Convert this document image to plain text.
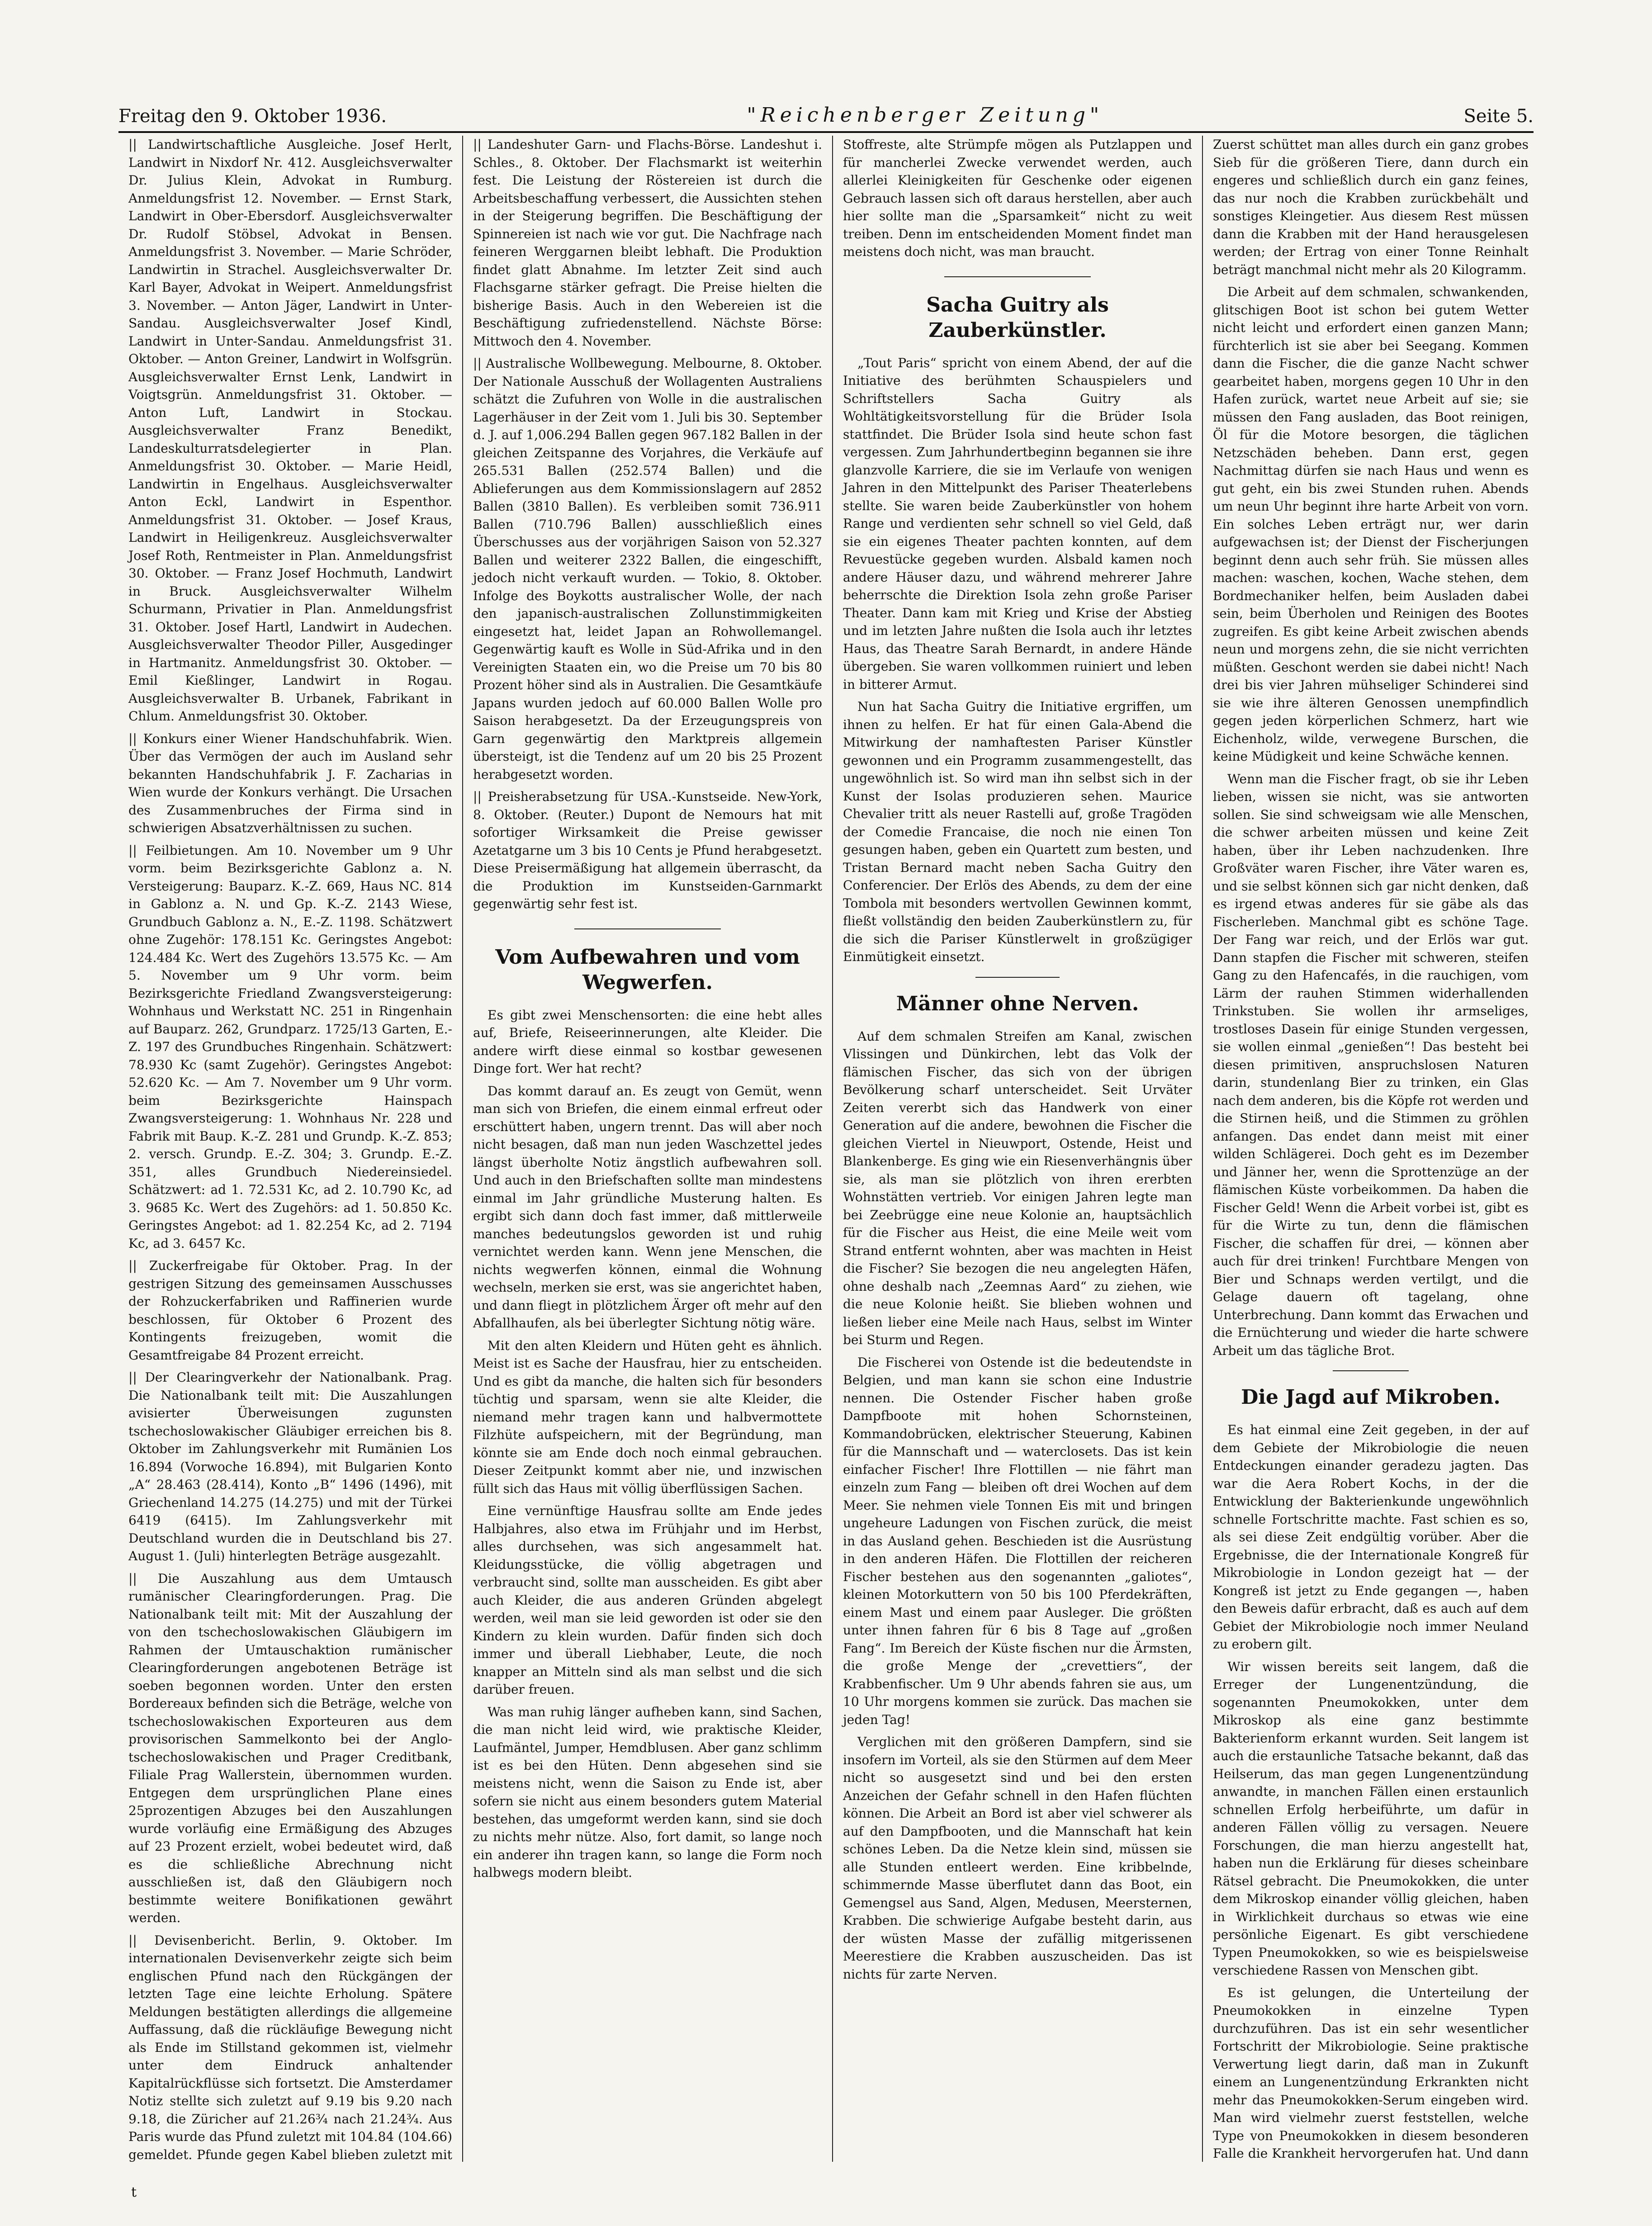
Freitag den 9. Oktober 1936.	"Reichenberger Zeitung"	Seite 5.

|| Landwirtschaftliche Ausgleiche. Josef Herlt, Landwirt in Nixdorf Nr. 412. Ausgleichsverwalter Dr. Julius Klein, Advokat in Rumburg. Anmeldungsfrist 12. November. — Ernst Stark, Landwirt in Ober-Ebersdorf. Ausgleichsverwalter Dr. Rudolf Stöbsel, Advokat in Bensen. Anmeldungsfrist 3. November. — Marie Schröder, Landwirtin in Strachel. Ausgleichsverwalter Dr. Karl Bayer, Advokat in Weipert. Anmeldungsfrist 3. November. — Anton Jäger, Landwirt in Unter-Sandau. Ausgleichsverwalter Josef Kindl, Landwirt in Unter-Sandau. Anmeldungsfrist 31. Oktober. — Anton Greiner, Landwirt in Wolfsgrün. Ausgleichsverwalter Ernst Lenk, Landwirt in Voigtsgrün. Anmeldungsfrist 31. Oktober. — Anton Luft, Landwirt in Stockau. Ausgleichsverwalter Franz Benedikt, Landeskulturratsdelegierter in Plan. Anmeldungsfrist 30. Oktober. — Marie Heidl, Landwirtin in Engelhaus. Ausgleichsverwalter Anton Eckl, Landwirt in Espenthor. Anmeldungsfrist 31. Oktober. — Josef Kraus, Landwirt in Heiligenkreuz. Ausgleichsverwalter Josef Roth, Rentmeister in Plan. Anmeldungsfrist 30. Oktober. — Franz Josef Hochmuth, Landwirt in Bruck. Ausgleichsverwalter Wilhelm Schurmann, Privatier in Plan. Anmeldungsfrist 31. Oktober. Josef Hartl, Landwirt in Audechen. Ausgleichsverwalter Theodor Piller, Ausgedinger in Hartmanitz. Anmeldungsfrist 30. Oktober. — Emil Kießlinger, Landwirt in Rogau. Ausgleichsverwalter B. Urbanek, Fabrikant in Chlum. Anmeldungsfrist 30. Oktober.

|| Konkurs einer Wiener Handschuhfabrik. Wien. Über das Vermögen der auch im Ausland sehr bekannten Handschuhfabrik J. F. Zacharias in Wien wurde der Konkurs verhängt. Die Ursachen des Zusammenbruches der Firma sind in schwierigen Absatzverhältnissen zu suchen.

|| Feilbietungen. Am 10. November um 9 Uhr vorm. beim Bezirksgerichte Gablonz a. N. Versteigerung: Bauparz. K.-Z. 669, Haus NC. 814 in Gablonz a. N. und Gp. K.-Z. 2143 Wiese, Grundbuch Gablonz a. N., E.-Z. 1198. Schätzwert ohne Zugehör: 178.151 Kc. Geringstes Angebot: 124.484 Kc. Wert des Zugehörs 13.575 Kc. — Am 5. November um 9 Uhr vorm. beim Bezirksgerichte Friedland Zwangsversteigerung: Wohnhaus und Werkstatt NC. 251 in Ringenhain auf Bauparz. 262, Grundparz. 1725/13 Garten, E.-Z. 197 des Grundbuches Ringenhain. Schätzwert: 78.930 Kc (samt Zugehör). Geringstes Angebot: 52.620 Kc. — Am 7. November um 9 Uhr vorm. beim Bezirksgerichte Hainspach Zwangsversteigerung: 1. Wohnhaus Nr. 228 und Fabrik mit Baup. K.-Z. 281 und Grundp. K.-Z. 853; 2. versch. Grundp. E.-Z. 304; 3. Grundp. E.-Z. 351, alles Grundbuch Niedereinsiedel. Schätzwert: ad 1. 72.531 Kc, ad 2. 10.790 Kc, ad 3. 9685 Kc. Wert des Zugehörs: ad 1. 50.850 Kc. Geringstes Angebot: ad 1. 82.254 Kc, ad 2. 7194 Kc, ad 3. 6457 Kc.

|| Zuckerfreigabe für Oktober. Prag. In der gestrigen Sitzung des gemeinsamen Ausschusses der Rohzuckerfabriken und Raffinerien wurde beschlossen, für Oktober 6 Prozent des Kontingents freizugeben, womit die Gesamtfreigabe 84 Prozent erreicht.

|| Der Clearingverkehr der Nationalbank. Prag. Die Nationalbank teilt mit: Die Auszahlungen avisierter Überweisungen zugunsten tschechoslowakischer Gläubiger erreichen bis 8. Oktober im Zahlungsverkehr mit Rumänien Los 16.894 (Vorwoche 16.894), mit Bulgarien Konto „A“ 28.463 (28.414), Konto „B“ 1496 (1496), mit Griechenland 14.275 (14.275) und mit der Türkei 6419 (6415). Im Zahlungsverkehr mit Deutschland wurden die in Deutschland bis 27. August 1. (Juli) hinterlegten Beträge ausgezahlt.

|| Die Auszahlung aus dem Umtausch rumänischer Clearingforderungen. Prag. Die Nationalbank teilt mit: Mit der Auszahlung der von den tschechoslowakischen Gläubigern im Rahmen der Umtauschaktion rumänischer Clearingforderungen angebotenen Beträge ist soeben begonnen worden. Unter den ersten Bordereaux befinden sich die Beträge, welche von tschechoslowakischen Exporteuren aus dem provisorischen Sammelkonto bei der Anglo-tschechoslowakischen und Prager Creditbank, Filiale Prag Wallerstein, übernommen wurden. Entgegen dem ursprünglichen Plane eines 25prozentigen Abzuges bei den Auszahlungen wurde vorläufig eine Ermäßigung des Abzuges auf 23 Prozent erzielt, wobei bedeutet wird, daß es die schließliche Abrechnung nicht ausschließen ist, daß den Gläubigern noch bestimmte weitere Bonifikationen gewährt werden.

|| Devisenbericht. Berlin, 9. Oktober. Im internationalen Devisenverkehr zeigte sich beim englischen Pfund nach den Rückgängen der letzten Tage eine leichte Erholung. Spätere Meldungen bestätigten allerdings die allgemeine Auffassung, daß die rückläufige Bewegung nicht als Ende im Stillstand gekommen ist, vielmehr unter dem Eindruck anhaltender Kapitalrückflüsse sich fortsetzt. Die Amsterdamer Notiz stellte sich zuletzt auf 9.19 bis 9.20 nach 9.18, die Züricher auf 21.26¾ nach 21.24¾. Aus Paris wurde das Pfund zuletzt mit 104.84 (104.66) gemeldet. Pfunde gegen Kabel blieben zuletzt mit

|| Landeshuter Garn- und Flachs-Börse. Landeshut i. Schles., 8. Oktober. Der Flachsmarkt ist weiterhin fest. Die Leistung der Röstereien ist durch die Arbeitsbeschaffung verbessert, die Aussichten stehen in der Steigerung begriffen. Die Beschäftigung der Spinnereien ist nach wie vor gut. Die Nachfrage nach feineren Werggarnen bleibt lebhaft. Die Produktion findet glatt Abnahme. Im letzter Zeit sind auch Flachsgarne stärker gefragt. Die Preise hielten die bisherige Basis. Auch in den Webereien ist die Beschäftigung zufriedenstellend. Nächste Börse: Mittwoch den 4. November.

|| Australische Wollbewegung. Melbourne, 8. Oktober. Der Nationale Ausschuß der Wollagenten Australiens schätzt die Zufuhren von Wolle in die australischen Lagerhäuser in der Zeit vom 1. Juli bis 30. September d. J. auf 1,006.294 Ballen gegen 967.182 Ballen in der gleichen Zeitspanne des Vorjahres, die Verkäufe auf 265.531 Ballen (252.574 Ballen) und die Ablieferungen aus dem Kommissionslagern auf 2852 Ballen (3810 Ballen). Es verbleiben somit 736.911 Ballen (710.796 Ballen) ausschließlich eines Überschusses aus der vorjährigen Saison von 52.327 Ballen und weiterer 2322 Ballen, die eingeschifft, jedoch nicht verkauft wurden. — Tokio, 8. Oktober. Infolge des Boykotts australischer Wolle, der nach den japanisch-australischen Zollunstimmigkeiten eingesetzt hat, leidet Japan an Rohwollemangel. Gegenwärtig kauft es Wolle in Süd-Afrika und in den Vereinigten Staaten ein, wo die Preise um 70 bis 80 Prozent höher sind als in Australien. Die Gesamtkäufe Japans wurden jedoch auf 60.000 Ballen Wolle pro Saison herabgesetzt. Da der Erzeugungspreis von Garn gegenwärtig den Marktpreis allgemein übersteigt, ist die Tendenz auf um 20 bis 25 Prozent herabgesetzt worden.

|| Preisherabsetzung für USA.-Kunstseide. New-York, 8. Oktober. (Reuter.) Dupont de Nemours hat mit sofortiger Wirksamkeit die Preise gewisser Azetatgarne um 3 bis 10 Cents je Pfund herabgesetzt. Diese Preisermäßigung hat allgemein überrascht, da die Produktion im Kunstseiden-Garnmarkt gegenwärtig sehr fest ist.

Vom Aufbewahren und vom Wegwerfen.

Es gibt zwei Menschensorten: die eine hebt alles auf, Briefe, Reiseerinnerungen, alte Kleider. Die andere wirft diese einmal so kostbar gewesenen Dinge fort. Wer hat recht?

Das kommt darauf an. Es zeugt von Gemüt, wenn man sich von Briefen, die einem einmal erfreut oder erschüttert haben, ungern trennt. Das will aber noch nicht besagen, daß man nun jeden Waschzettel jedes längst überholte Notiz ängstlich aufbewahren soll. Und auch in den Briefschaften sollte man mindestens einmal im Jahr gründliche Musterung halten. Es ergibt sich dann doch fast immer, daß mittlerweile manches bedeutungslos geworden ist und ruhig vernichtet werden kann. Wenn jene Menschen, die nichts wegwerfen können, einmal die Wohnung wechseln, merken sie erst, was sie angerichtet haben, und dann fliegt in plötzlichem Ärger oft mehr auf den Abfallhaufen, als bei überlegter Sichtung nötig wäre.

Mit den alten Kleidern und Hüten geht es ähnlich. Meist ist es Sache der Hausfrau, hier zu entscheiden. Und es gibt da manche, die halten sich für besonders tüchtig und sparsam, wenn sie alte Kleider, die niemand mehr tragen kann und halbvermottete Filzhüte aufspeichern, mit der Begründung, man könnte sie am Ende doch noch einmal gebrauchen. Dieser Zeitpunkt kommt aber nie, und inzwischen füllt sich das Haus mit völlig überflüssigen Sachen.

Eine vernünftige Hausfrau sollte am Ende jedes Halbjahres, also etwa im Frühjahr und im Herbst, alles durchsehen, was sich angesammelt hat. Kleidungsstücke, die völlig abgetragen und verbraucht sind, sollte man ausscheiden. Es gibt aber auch Kleider, die aus anderen Gründen abgelegt werden, weil man sie leid geworden ist oder sie den Kindern zu klein wurden. Dafür finden sich doch immer und überall Liebhaber, Leute, die noch knapper an Mitteln sind als man selbst und die sich darüber freuen.

Was man ruhig länger aufheben kann, sind Sachen, die man nicht leid wird, wie praktische Kleider, Laufmäntel, Jumper, Hemdblusen. Aber ganz schlimm ist es bei den Hüten. Denn abgesehen sind sie meistens nicht, wenn die Saison zu Ende ist, aber sofern sie nicht aus einem besonders gutem Material bestehen, das umgeformt werden kann, sind sie doch zu nichts mehr nütze. Also, fort damit, so lange noch ein anderer ihn tragen kann, so lange die Form noch halbwegs modern bleibt.

Stoffreste, alte Strümpfe mögen als Putzlappen und für mancherlei Zwecke verwendet werden, auch allerlei Kleinigkeiten für Geschenke oder eigenen Gebrauch lassen sich oft daraus herstellen, aber auch hier sollte man die „Sparsamkeit“ nicht zu weit treiben. Denn im entscheidenden Moment findet man meistens doch nicht, was man braucht.

Sacha Guitry als Zauberkünstler.

„Tout Paris“ spricht von einem Abend, der auf die Initiative des berühmten Schauspielers und Schriftstellers Sacha Guitry als Wohltätigkeitsvorstellung für die Brüder Isola stattfindet. Die Brüder Isola sind heute schon fast vergessen. Zum Jahrhundertbeginn begannen sie ihre glanzvolle Karriere, die sie im Verlaufe von wenigen Jahren in den Mittelpunkt des Pariser Theaterlebens stellte. Sie waren beide Zauberkünstler von hohem Range und verdienten sehr schnell so viel Geld, daß sie ein eigenes Theater pachten konnten, auf dem Revuestücke gegeben wurden. Alsbald kamen noch andere Häuser dazu, und während mehrerer Jahre beherrschte die Direktion Isola zehn große Pariser Theater. Dann kam mit Krieg und Krise der Abstieg und im letzten Jahre nußten die Isola auch ihr letztes Haus, das Theatre Sarah Bernardt, in andere Hände übergeben. Sie waren vollkommen ruiniert und leben in bitterer Armut.

Nun hat Sacha Guitry die Initiative ergriffen, um ihnen zu helfen. Er hat für einen Gala-Abend die Mitwirkung der namhaftesten Pariser Künstler gewonnen und ein Programm zusammengestellt, das ungewöhnlich ist. So wird man ihn selbst sich in der Kunst der Isolas produzieren sehen. Maurice Chevalier tritt als neuer Rastelli auf, große Tragöden der Comedie Francaise, die noch nie einen Ton gesungen haben, geben ein Quartett zum besten, und Tristan Bernard macht neben Sacha Guitry den Conferencier. Der Erlös des Abends, zu dem der eine Tombola mit besonders wertvollen Gewinnen kommt, fließt vollständig den beiden Zauberkünstlern zu, für die sich die Pariser Künstlerwelt in großzügiger Einmütigkeit einsetzt.

Männer ohne Nerven.

Auf dem schmalen Streifen am Kanal, zwischen Vlissingen und Dünkirchen, lebt das Volk der flämischen Fischer, das sich von der übrigen Bevölkerung scharf unterscheidet. Seit Urväter Zeiten vererbt sich das Handwerk von einer Generation auf die andere, bewohnen die Fischer die gleichen Viertel in Nieuwport, Ostende, Heist und Blankenberge. Es ging wie ein Riesenverhängnis über sie, als man sie plötzlich von ihren ererbten Wohnstätten vertrieb. Vor einigen Jahren legte man bei Zeebrügge eine neue Kolonie an, hauptsächlich für die Fischer aus Heist, die eine Meile weit vom Strand entfernt wohnten, aber was machten in Heist die Fischer? Sie bezogen die neu angelegten Häfen, ohne deshalb nach „Zeemnas Aard“ zu ziehen, wie die neue Kolonie heißt. Sie blieben wohnen und ließen lieber eine Meile nach Haus, selbst im Winter bei Sturm und Regen.

Die Fischerei von Ostende ist die bedeutendste in Belgien, und man kann sie schon eine Industrie nennen. Die Ostender Fischer haben große Dampfboote mit hohen Schornsteinen, Kommandobrücken, elektrischer Steuerung, Kabinen für die Mannschaft und — waterclosets. Das ist kein einfacher Fischer! Ihre Flottillen — nie fährt man einzeln zum Fang — bleiben oft drei Wochen auf dem Meer. Sie nehmen viele Tonnen Eis mit und bringen ungeheure Ladungen von Fischen zurück, die meist in das Ausland gehen. Beschieden ist die Ausrüstung in den anderen Häfen. Die Flottillen der reicheren Fischer bestehen aus den sogenannten „galiotes“, kleinen Motorkuttern von 50 bis 100 Pferdekräften, einem Mast und einem paar Ausleger. Die größten unter ihnen fahren für 6 bis 8 Tage auf „großen Fang“. Im Bereich der Küste fischen nur die Ärmsten, die große Menge der „crevettiers“, der Krabbenfischer. Um 9 Uhr abends fahren sie aus, um 10 Uhr morgens kommen sie zurück. Das machen sie jeden Tag!

Verglichen mit den größeren Dampfern, sind sie insofern im Vorteil, als sie den Stürmen auf dem Meer nicht so ausgesetzt sind und bei den ersten Anzeichen der Gefahr schnell in den Hafen flüchten können. Die Arbeit an Bord ist aber viel schwerer als auf den Dampfbooten, und die Mannschaft hat kein schönes Leben. Da die Netze klein sind, müssen sie alle Stunden entleert werden. Eine kribbelnde, schimmernde Masse überflutet dann das Boot, ein Gemengsel aus Sand, Algen, Medusen, Meersternen, Krabben. Die schwierige Aufgabe besteht darin, aus der wüsten Masse der zufällig mitgerissenen Meerestiere die Krabben auszuscheiden. Das ist nichts für zarte Nerven.

Zuerst schüttet man alles durch ein ganz grobes Sieb für die größeren Tiere, dann durch ein engeres und schließlich durch ein ganz feines, das nur noch die Krabben zurückbehält und sonstiges Kleingetier. Aus diesem Rest müssen dann die Krabben mit der Hand herausgelesen werden; der Ertrag von einer Tonne Reinhalt beträgt manchmal nicht mehr als 20 Kilogramm.

Die Arbeit auf dem schmalen, schwankenden, glitschigen Boot ist schon bei gutem Wetter nicht leicht und erfordert einen ganzen Mann; fürchterlich ist sie aber bei Seegang. Kommen dann die Fischer, die die ganze Nacht schwer gearbeitet haben, morgens gegen 10 Uhr in den Hafen zurück, wartet neue Arbeit auf sie; sie müssen den Fang ausladen, das Boot reinigen, Öl für die Motore besorgen, die täglichen Netzschäden beheben. Dann erst, gegen Nachmittag dürfen sie nach Haus und wenn es gut geht, ein bis zwei Stunden ruhen. Abends um neun Uhr beginnt ihre harte Arbeit von vorn. Ein solches Leben erträgt nur, wer darin aufgewachsen ist; der Dienst der Fischerjungen beginnt denn auch sehr früh. Sie müssen alles machen: waschen, kochen, Wache stehen, dem Bordmechaniker helfen, beim Ausladen dabei sein, beim Überholen und Reinigen des Bootes zugreifen. Es gibt keine Arbeit zwischen abends neun und morgens zehn, die sie nicht verrichten müßten. Geschont werden sie dabei nicht! Nach drei bis vier Jahren mühseliger Schinderei sind sie wie ihre älteren Genossen unempfindlich gegen jeden körperlichen Schmerz, hart wie Eichenholz, wilde, verwegene Burschen, die keine Müdigkeit und keine Schwäche kennen.

Wenn man die Fischer fragt, ob sie ihr Leben lieben, wissen sie nicht, was sie antworten sollen. Sie sind schweigsam wie alle Menschen, die schwer arbeiten müssen und keine Zeit haben, über ihr Leben nachzudenken. Ihre Großväter waren Fischer, ihre Väter waren es, und sie selbst können sich gar nicht denken, daß es irgend etwas anderes für sie gäbe als das Fischerleben. Manchmal gibt es schöne Tage. Der Fang war reich, und der Erlös war gut. Dann stapfen die Fischer mit schweren, steifen Gang zu den Hafencafés, in die rauchigen, vom Lärm der rauhen Stimmen widerhallenden Trinkstuben. Sie wollen ihr armseliges, trostloses Dasein für einige Stunden vergessen, sie wollen einmal „genießen“! Das besteht bei diesen primitiven, anspruchslosen Naturen darin, stundenlang Bier zu trinken, ein Glas nach dem anderen, bis die Köpfe rot werden und die Stirnen heiß, und die Stimmen zu gröhlen anfangen. Das endet dann meist mit einer wilden Schlägerei. Doch geht es im Dezember und Jänner her, wenn die Sprottenzüge an der flämischen Küste vorbeikommen. Da haben die Fischer Geld! Wenn die Arbeit vorbei ist, gibt es für die Wirte zu tun, denn die flämischen Fischer, die schaffen für drei, — können aber auch für drei trinken! Furchtbare Mengen von Bier und Schnaps werden vertilgt, und die Gelage dauern oft tagelang, ohne Unterbrechung. Dann kommt das Erwachen und die Ernüchterung und wieder die harte schwere Arbeit um das tägliche Brot.

Die Jagd auf Mikroben.

Es hat einmal eine Zeit gegeben, in der auf dem Gebiete der Mikrobiologie die neuen Entdeckungen einander geradezu jagten. Das war die Aera Robert Kochs, in der die Entwicklung der Bakterienkunde ungewöhnlich schnelle Fortschritte machte. Fast schien es so, als sei diese Zeit endgültig vorüber. Aber die Ergebnisse, die der Internationale Kongreß für Mikrobiologie in London gezeigt hat — der Kongreß ist jetzt zu Ende gegangen —, haben den Beweis dafür erbracht, daß es auch auf dem Gebiet der Mikrobiologie noch immer Neuland zu erobern gilt.

Wir wissen bereits seit langem, daß die Erreger der Lungenentzündung, die sogenannten Pneumokokken, unter dem Mikroskop als eine ganz bestimmte Bakterienform erkannt wurden. Seit langem ist auch die erstaunliche Tatsache bekannt, daß das Heilserum, das man gegen Lungenentzündung anwandte, in manchen Fällen einen erstaunlich schnellen Erfolg herbeiführte, um dafür in anderen Fällen völlig zu versagen. Neuere Forschungen, die man hierzu angestellt hat, haben nun die Erklärung für dieses scheinbare Rätsel gebracht. Die Pneumokokken, die unter dem Mikroskop einander völlig gleichen, haben in Wirklichkeit durchaus so etwas wie eine persönliche Eigenart. Es gibt verschiedene Typen Pneumokokken, so wie es beispielsweise verschiedene Rassen von Menschen gibt.

Es ist gelungen, die Unterteilung der Pneumokokken in einzelne Typen durchzuführen. Das ist ein sehr wesentlicher Fortschritt der Mikrobiologie. Seine praktische Verwertung liegt darin, daß man in Zukunft einem an Lungenentzündung Erkrankten nicht mehr das Pneumokokken-Serum eingeben wird. Man wird vielmehr zuerst feststellen, welche Type von Pneumokokken in diesem besonderen Falle die Krankheit hervorgerufen hat. Und dann

t
